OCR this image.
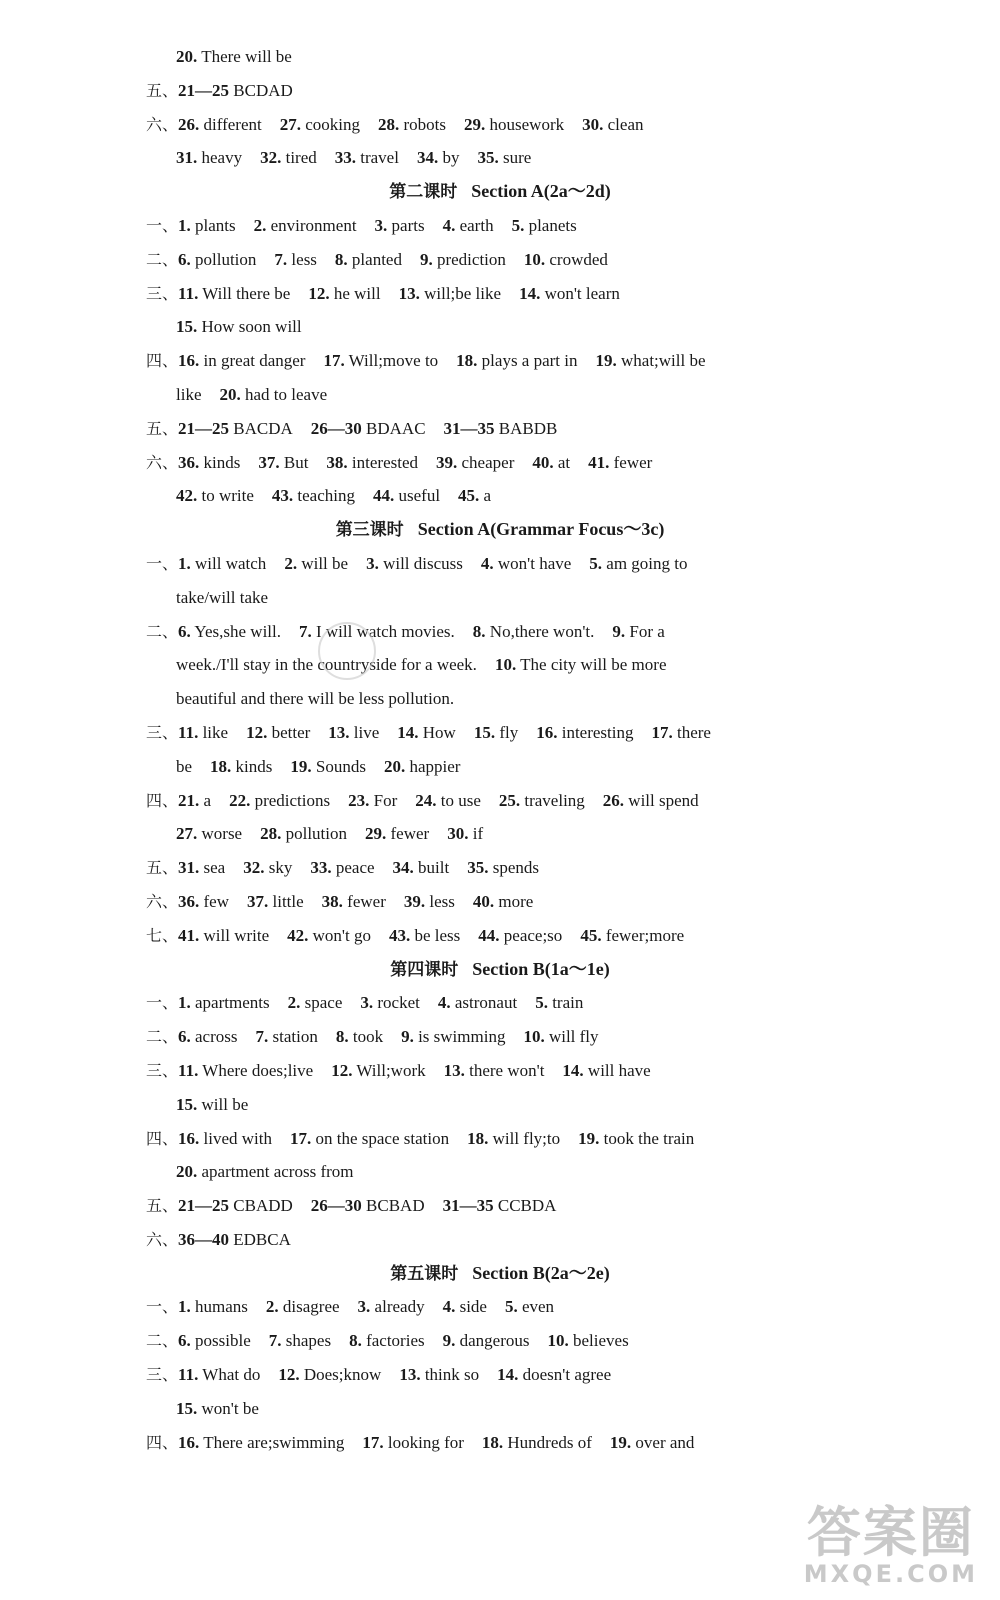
20. There will be
五、21—25 BCDAD
六、26. different 27. cooking 28. robots 29. housework 30. clean
31. heavy 32. tired 33. travel 34. by 35. sure
第二课时 Section A(2a～2d)
一、1. plants 2. environment 3. parts 4. earth 5. planets
二、6. pollution 7. less 8. planted 9. prediction 10. crowded
三、11. Will there be 12. he will 13. will;be like 14. won't learn
15. How soon will
四、16. in great danger 17. Will;move to 18. plays a part in 19. what;will be
like 20. had to leave
五、21—25 BACDA 26—30 BDAAC 31—35 BABDB
六、36. kinds 37. But 38. interested 39. cheaper 40. at 41. fewer
42. to write 43. teaching 44. useful 45. a
第三课时 Section A(Grammar Focus～3c)
一、1. will watch 2. will be 3. will discuss 4. won't have 5. am going to
take/will take
二、6. Yes,she will. 7. I will watch movies. 8. No,there won't. 9. For a
week./I'll stay in the countryside for a week. 10. The city will be more
beautiful and there will be less pollution.
三、11. like 12. better 13. live 14. How 15. fly 16. interesting 17. there
be 18. kinds 19. Sounds 20. happier
四、21. a 22. predictions 23. For 24. to use 25. traveling 26. will spend
27. worse 28. pollution 29. fewer 30. if
五、31. sea 32. sky 33. peace 34. built 35. spends
六、36. few 37. little 38. fewer 39. less 40. more
七、41. will write 42. won't go 43. be less 44. peace;so 45. fewer;more
第四课时 Section B(1a～1e)
一、1. apartments 2. space 3. rocket 4. astronaut 5. train
二、6. across 7. station 8. took 9. is swimming 10. will fly
三、11. Where does;live 12. Will;work 13. there won't 14. will have
15. will be
四、16. lived with 17. on the space station 18. will fly;to 19. took the train
20. apartment across from
五、21—25 CBADD 26—30 BCBAD 31—35 CCBDA
六、36—40 EDBCA
第五课时 Section B(2a～2e)
一、1. humans 2. disagree 3. already 4. side 5. even
二、6. possible 7. shapes 8. factories 9. dangerous 10. believes
三、11. What do 12. Does;know 13. think so 14. doesn't agree
15. won't be
四、16. There are;swimming 17. looking for 18. Hundreds of 19. over and
答案圈
MXQE.COM
